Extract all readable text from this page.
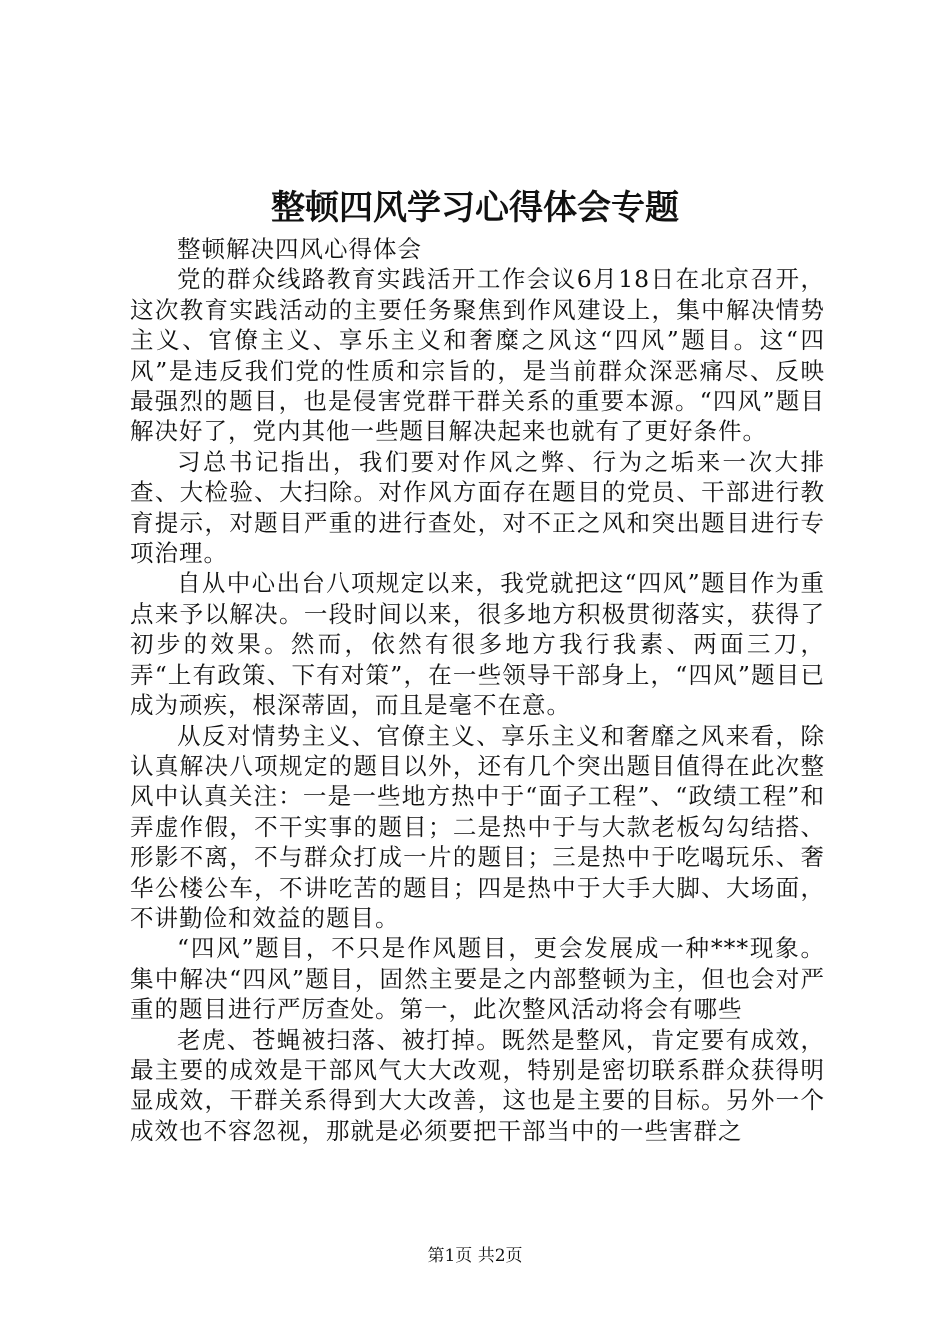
整顿四风学习心得体会专题

整顿解决四风心得体会

党的群众线路教育实践活开工作会议6月18日在北京召开，这次教育实践活动的主要任务聚焦到作风建设上，集中解决情势主义、官僚主义、享乐主义和奢糜之风这“四风”题目。这“四风”是违反我们党的性质和宗旨的，是当前群众深恶痛尽、反映最强烈的题目，也是侵害党群干群关系的重要本源。“四风”题目解决好了，党内其他一些题目解决起来也就有了更好条件。

习总书记指出，我们要对作风之弊、行为之垢来一次大排查、大检验、大扫除。对作风方面存在题目的党员、干部进行教育提示，对题目严重的进行查处，对不正之风和突出题目进行专项治理。

自从中心出台八项规定以来，我党就把这“四风”题目作为重点来予以解决。一段时间以来，很多地方积极贯彻落实，获得了初步的效果。然而，依然有很多地方我行我素、两面三刀，弄“上有政策、下有对策”，在一些领导干部身上，“四风”题目已成为顽疾，根深蒂固，而且是毫不在意。

从反对情势主义、官僚主义、享乐主义和奢靡之风来看，除认真解决八项规定的题目以外，还有几个突出题目值得在此次整风中认真关注：一是一些地方热中于“面子工程”、“政绩工程”和弄虚作假，不干实事的题目；二是热中于与大款老板勾勾结搭、形影不离，不与群众打成一片的题目；三是热中于吃喝玩乐、奢华公楼公车，不讲吃苦的题目；四是热中于大手大脚、大场面，不讲勤俭和效益的题目。

“四风”题目，不只是作风题目，更会发展成一种***现象。集中解决“四风”题目，固然主要是之内部整顿为主，但也会对严重的题目进行严厉查处。第一，此次整风活动将会有哪些

老虎、苍蝇被扫落、被打掉。既然是整风，肯定要有成效，最主要的成效是干部风气大大改观，特别是密切联系群众获得明显成效，干群关系得到大大改善，这也是主要的目标。另外一个成效也不容忽视，那就是必须要把干部当中的一些害群之

第1页 共2页
